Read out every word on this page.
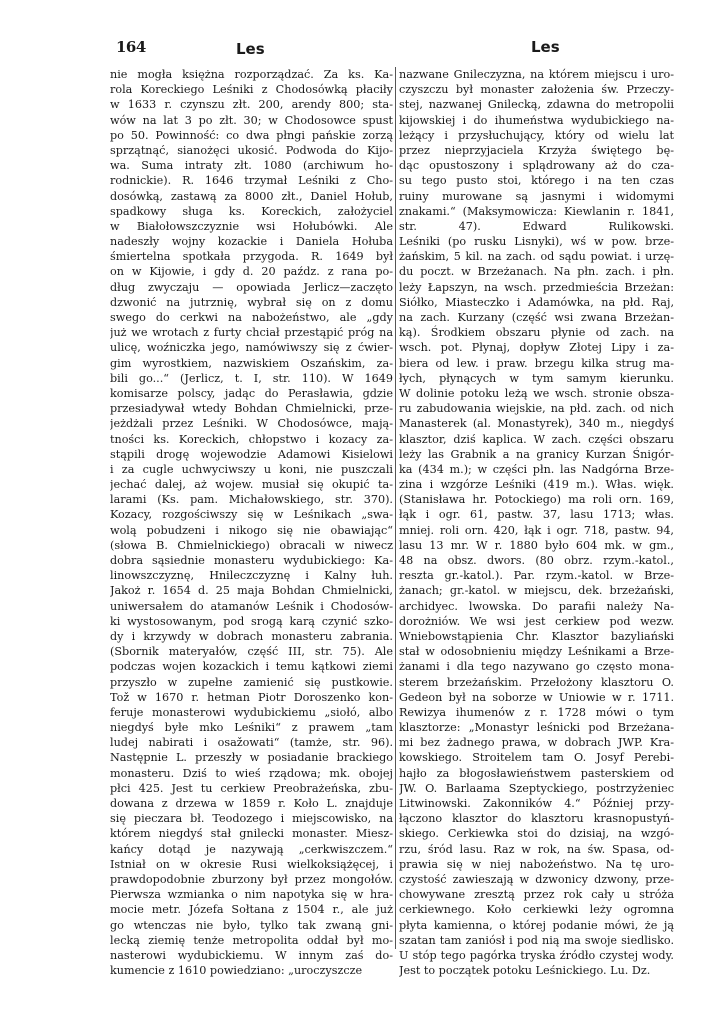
164	Les	Les
nie mogła księżna rozporządzać. Za ks. Ka-
rola Koreckiego Leśniki z Chodosówką płaciły
w 1633 r. czynszu złt. 200, arendy 800; sta-
wów na lat 3 po złt. 30; w Chodosowce spust
po 50. Powinność: co dwa płngi pańskie zorzą
sprzątnąć, sianożęci ukosić. Podwoda do Kijo-
wa. Suma intraty złt. 1080 (archiwum ho-
rodnickie). R. 1646 trzymał Leśniki z Cho-
dosówką, zastawą za 8000 złt., Daniel Hołub,
spadkowy sługa ks. Koreckich, założyciel
w Białołowszczyznie wsi Hołubówki. Ale
nadeszły wojny kozackie i Daniela Hołuba
śmiertelna spotkała przygoda. R. 1649 był
on w Kijowie, i gdy d. 20 paźdz. z rana po-
dług zwyczaju — opowiada Jerlicz—zaczęto
dzwonić na jutrznię, wybrał się on z domu
swego do cerkwi na nabożeństwo, ale „gdy
już we wrotach z furty chciał przestąpić próg na
ulicę, woźniczka jego, namówiwszy się z ćwier-
gim wyrostkiem, nazwiskiem Oszańskim, za-
bili go...“ (Jerlicz, t. I, str. 110). W 1649
komisarze polscy, jadąc do Perasławia, gdzie
przesiadywał wtedy Bohdan Chmielnicki, prze-
jeżdżali przez Leśniki. W Chodosówce, mają-
tności ks. Koreckich, chłopstwo i kozacy za-
stąpili drogę wojewodzie Adamowi Kisielowi
i za cugle uchwyciwszy u koni, nie puszczali
jechać dalej, aż wojew. musiał się okupić ta-
larami (Ks. pam. Michałowskiego, str. 370).
Kozacy, rozgościwszy się w Leśnikach „swa-
wolą pobudzeni i nikogo się nie obawiając“
(słowa B. Chmielnickiego) obracali w niwecz
dobra sąsiednie monasteru wydubickiego: Ka-
linowszczyznę, Hnileczczyznę i Kalny łuh.
Jakoż r. 1654 d. 25 maja Bohdan Chmielnicki,
uniwersałem do atamanów Leśnik i Chodosów-
ki wystosowanym, pod srogą karą czynić szko-
dy i krzywdy w dobrach monasteru zabrania.
(Sbornik materyałów, część III, str. 75). Ale
podczas wojen kozackich i temu kątkowi ziemi
przyszło w zupełne zamienić się pustkowie.
Tož w 1670 r. hetman Piotr Doroszenko kon-
feruje monasterowi wydubickiemu „siołó, albo
niegdyś byłe mko Leśniki“ z prawem „tam
ludej nabirati i osažowati“ (tamże, str. 96).
Następnie L. przeszły w posiadanie brackiego
monasteru. Dziś to wieś rządowa; mk. obojej
płci 425. Jest tu cerkiew Preobrażeńska, zbu-
dowana z drzewa w 1859 r. Koło L. znajduje
się pieczara bł. Teodozego i miejscowisko, na
którem niegdyś stał gnilecki monaster. Miesz-
kańcy dotąd je nazywają „cerkwiszczem.“
Istniał on w okresie Rusi wielkoksiążęcej, i
prawdopodobnie zburzony był przez mongołów.
Pierwsza wzmianka o nim napotyka się w hra-
mocie metr. Józefa Sołtana z 1504 r., ale już
go wtenczas nie było, tylko tak zwaną gni-
lecką ziemię tenże metropolita oddał był mo-
nasterowi wydubickiemu. W innym zaś do-
kumencie z 1610 powiedziano: „uroczyszcze
nazwane Gnileczyzna, na którem miejscu i uro-
czyszczu był monaster założenia św. Przeczy-
stej, nazwanej Gnilecką, zdawna do metropolii
kijowskiej i do ihumeństwa wydubickiego na-
leżący i przysłuchujący, który od wielu lat
przez nieprzyjaciela Krzyża świętego bę-
dąc opustoszony i splądrowany aż do cza-
su tego pusto stoi, którego i na ten czas
ruiny murowane są jasnymi i widomymi
znakami.“ (Maksymowicza: Kiewlanin r. 1841,
str. 47). Edward Rulikowski.
Leśniki (po rusku Lisnyki), wś w pow. brze-
żańskim, 5 kil. na zach. od sądu powiat. i urzę-
du poczt. w Brzeżanach. Na płn. zach. i płn.
leży Łapszyn, na wsch. przedmieścia Brzeżan:
Siółko, Miasteczko i Adamówka, na płd. Raj,
na zach. Kurzany (część wsi zwana Brzeżan-
ką). Środkiem obszaru płynie od zach. na
wsch. pot. Płynaj, dopływ Złotej Lipy i za-
biera od lew. i praw. brzegu kilka strug ma-
łych, płynących w tym samym kierunku.
W dolinie potoku leżą we wsch. stronie obsza-
ru zabudowania wiejskie, na płd. zach. od nich
Manasterek (al. Monastyrek), 340 m., niegdyś
klasztor, dziś kaplica. W zach. części obszaru
leży las Grabnik a na granicy Kurzan Śnigór-
ka (434 m.); w części płn. las Nadgórna Brze-
zina i wzgórze Leśniki (419 m.). Włas. więk.
(Stanisława hr. Potockiego) ma roli orn. 169,
łąk i ogr. 61, pastw. 37, lasu 1713; włas.
mniej. roli orn. 420, łąk i ogr. 718, pastw. 94,
lasu 13 mr. W r. 1880 było 604 mk. w gm.,
48 na obsz. dwors. (80 obrz. rzym.-katol.,
reszta gr.-katol.). Par. rzym.-katol. w Brze-
żanach; gr.-katol. w miejscu, dek. brzeżański,
archidyec. lwowska. Do parafii należy Na-
dorożniów. We wsi jest cerkiew pod wezw.
Wniebowstąpienia Chr. Klasztor bazyliański
stał w odosobnieniu między Leśnikami a Brze-
żanami i dla tego nazywano go często mona-
sterem brzeżańskim. Przełożony klasztoru O.
Gedeon był na soborze w Uniowie w r. 1711.
Rewizya ihumenów z r. 1728 mówi o tym
klasztorze: „Monastyr leśnicki pod Brzeżana-
mi bez żadnego prawa, w dobrach JWP. Kra-
kowskiego. Stroitelem tam O. Josyf Perebi-
hajło za błogosławieństwem pasterskiem od
JW. O. Barlaama Szeptyckiego, postrzyżeniec
Litwinowski. Zakonników 4.“ Później przy-
łączono klasztor do klasztoru krasnopustyń-
skiego. Cerkiewka stoi do dzisiaj, na wzgó-
rzu, śród lasu. Raz w rok, na św. Spasa, od-
prawia się w niej nabożeństwo. Na tę uro-
czystość zawieszają w dzwonicy dzwony, prze-
chowywane zresztą przez rok cały u stróża
cerkiewnego. Koło cerkiewki leży ogromna
płyta kamienna, o której podanie mówi, że ją
szatan tam zaniósł i pod nią ma swoje siedlisko.
U stóp tego pagórka tryska źródło czystej wody.
Jest to początek potoku Leśnickiego. Lu. Dz.
